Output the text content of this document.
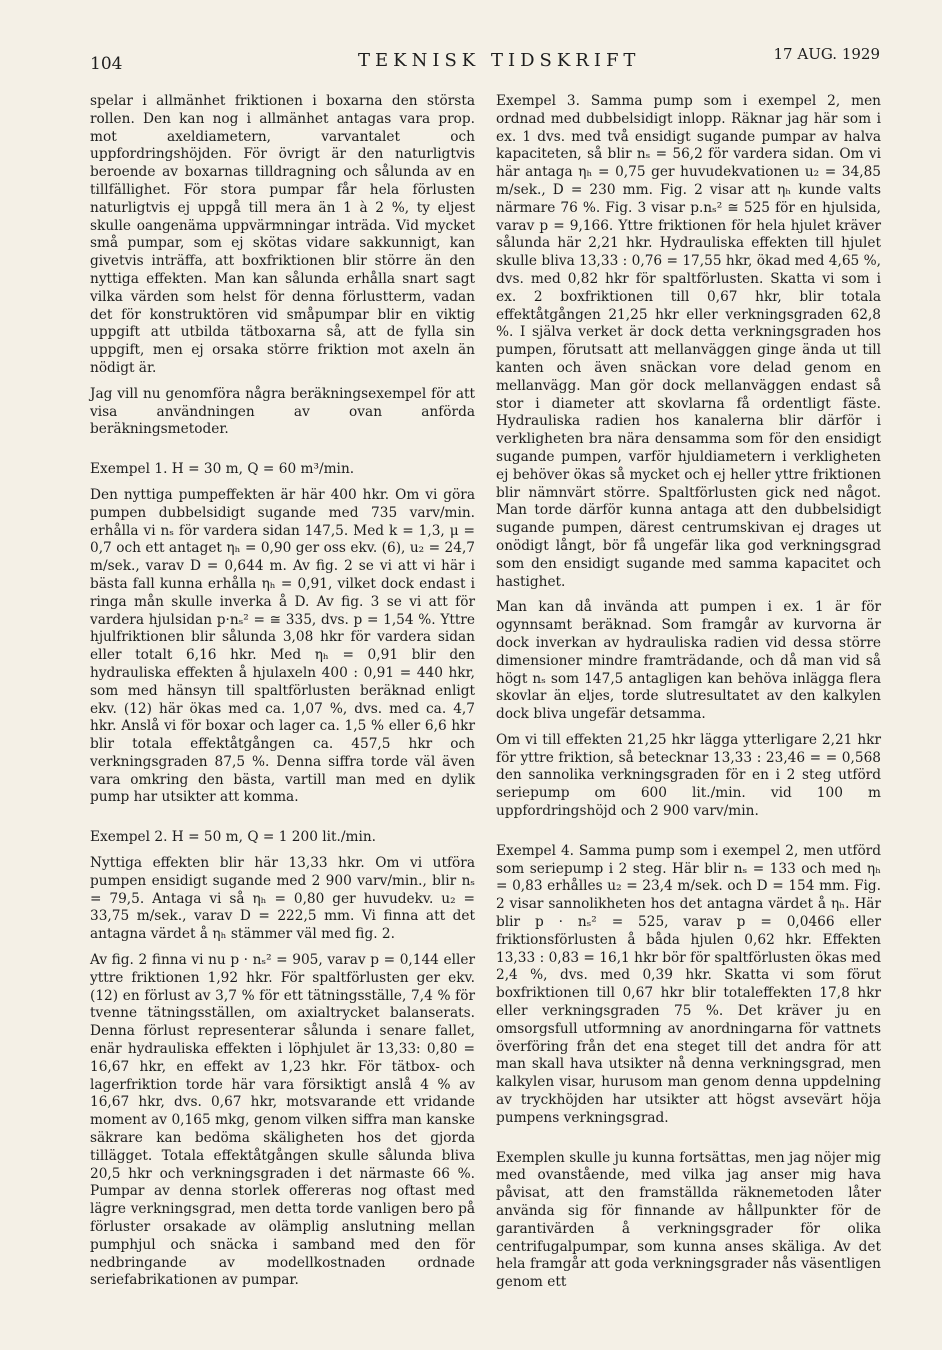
104	TEKNISK TIDSKRIFT	17 AUG. 1929

spelar i allmänhet friktionen i boxarna den största rollen. Den kan nog i allmänhet antagas vara prop. mot axeldiametern, varvantalet och uppfordringshöjden. För övrigt är den naturligtvis beroende av boxarnas tilldragning och sålunda av en tillfällighet. För stora pumpar får hela förlusten naturligtvis ej uppgå till mera än 1 à 2 %, ty eljest skulle oangenäma uppvärmningar inträda. Vid mycket små pumpar, som ej skötas vidare sakkunnigt, kan givetvis inträffa, att boxfriktionen blir större än den nyttiga effekten. Man kan sålunda erhålla snart sagt vilka värden som helst för denna förlustterm, vadan det för konstruktören vid småpumpar blir en viktig uppgift att utbilda tätboxarna så, att de fylla sin uppgift, men ej orsaka större friktion mot axeln än nödigt är.

Jag vill nu genomföra några beräkningsexempel för att visa användningen av ovan anförda beräkningsmetoder.

Exempel 1. H = 30 m, Q = 60 m³/min.

Den nyttiga pumpeffekten är här 400 hkr. Om vi göra pumpen dubbelsidigt sugande med 735 varv/min. erhålla vi nₛ för vardera sidan 147,5. Med k = 1,3, μ = 0,7 och ett antaget ηₕ = 0,90 ger oss ekv. (6), u₂ = 24,7 m/sek., varav D = 0,644 m. Av fig. 2 se vi att vi här i bästa fall kunna erhålla ηₕ = 0,91, vilket dock endast i ringa mån skulle inverka å D. Av fig. 3 se vi att för vardera hjulsidan p·nₛ² = ≅ 335, dvs. p = 1,54 %. Yttre hjulfriktionen blir sålunda 3,08 hkr för vardera sidan eller totalt 6,16 hkr. Med ηₕ = 0,91 blir den hydrauliska effekten å hjulaxeln 400 : 0,91 = 440 hkr, som med hänsyn till spaltförlusten beräknad enligt ekv. (12) här ökas med ca. 1,07 %, dvs. med ca. 4,7 hkr. Anslå vi för boxar och lager ca. 1,5 % eller 6,6 hkr blir totala effektåtgången ca. 457,5 hkr och verkningsgraden 87,5 %. Denna siffra torde väl även vara omkring den bästa, vartill man med en dylik pump har utsikter att komma.

Exempel 2. H = 50 m, Q = 1 200 lit./min.

Nyttiga effekten blir här 13,33 hkr. Om vi utföra pumpen ensidigt sugande med 2 900 varv/min., blir nₛ = 79,5. Antaga vi så ηₕ = 0,80 ger huvudekv. u₂ = 33,75 m/sek., varav D = 222,5 mm. Vi finna att det antagna värdet å ηₕ stämmer väl med fig. 2.

Av fig. 2 finna vi nu p · nₛ² = 905, varav p = 0,144 eller yttre friktionen 1,92 hkr. För spaltförlusten ger ekv. (12) en förlust av 3,7 % för ett tätningsställe, 7,4 % för tvenne tätningsställen, om axialtrycket balanserats. Denna förlust representerar sålunda i senare fallet, enär hydrauliska effekten i löphjulet är 13,33: 0,80 = 16,67 hkr, en effekt av 1,23 hkr. För tätbox- och lagerfriktion torde här vara försiktigt anslå 4 % av 16,67 hkr, dvs. 0,67 hkr, motsvarande ett vridande moment av 0,165 mkg, genom vilken siffra man kanske säkrare kan bedöma skäligheten hos det gjorda tillägget. Totala effektåtgången skulle sålunda bliva 20,5 hkr och verkningsgraden i det närmaste 66 %. Pumpar av denna storlek offereras nog oftast med lägre verkningsgrad, men detta torde vanligen bero på förluster orsakade av olämplig anslutning mellan pumphjul och snäcka i samband med den för nedbringande av modellkostnaden ordnade seriefabrikationen av pumpar.

Exempel 3. Samma pump som i exempel 2, men ordnad med dubbelsidigt inlopp. Räknar jag här som i ex. 1 dvs. med två ensidigt sugande pumpar av halva kapaciteten, så blir nₛ = 56,2 för vardera sidan. Om vi här antaga ηₕ = 0,75 ger huvudekvationen u₂ = 34,85 m/sek., D = 230 mm. Fig. 2 visar att ηₕ kunde valts närmare 76 %. Fig. 3 visar p.nₛ² ≅ 525 för en hjulsida, varav p = 9,166. Yttre friktionen för hela hjulet kräver sålunda här 2,21 hkr. Hydrauliska effekten till hjulet skulle bliva 13,33 : 0,76 = 17,55 hkr, ökad med 4,65 %, dvs. med 0,82 hkr för spaltförlusten. Skatta vi som i ex. 2 boxfriktionen till 0,67 hkr, blir totala effektåtgången 21,25 hkr eller verkningsgraden 62,8 %. I själva verket är dock detta verkningsgraden hos pumpen, förutsatt att mellanväggen ginge ända ut till kanten och även snäckan vore delad genom en mellanvägg. Man gör dock mellanväggen endast så stor i diameter att skovlarna få ordentligt fäste. Hydrauliska radien hos kanalerna blir därför i verkligheten bra nära densamma som för den ensidigt sugande pumpen, varför hjuldiametern i verkligheten ej behöver ökas så mycket och ej heller yttre friktionen blir nämnvärt större. Spaltförlusten gick ned något. Man torde därför kunna antaga att den dubbelsidigt sugande pumpen, därest centrumskivan ej drages ut onödigt långt, bör få ungefär lika god verkningsgrad som den ensidigt sugande med samma kapacitet och hastighet.

Man kan då invända att pumpen i ex. 1 är för ogynnsamt beräknad. Som framgår av kurvorna är dock inverkan av hydrauliska radien vid dessa större dimensioner mindre framträdande, och då man vid så högt nₛ som 147,5 antagligen kan behöva inlägga flera skovlar än eljes, torde slutresultatet av den kalkylen dock bliva ungefär detsamma.

Om vi till effekten 21,25 hkr lägga ytterligare 2,21 hkr för yttre friktion, så betecknar 13,33 : 23,46 = = 0,568 den sannolika verkningsgraden för en i 2 steg utförd seriepump om 600 lit./min. vid 100 m uppfordringshöjd och 2 900 varv/min.

Exempel 4. Samma pump som i exempel 2, men utförd som seriepump i 2 steg. Här blir nₛ = 133 och med ηₕ = 0,83 erhålles u₂ = 23,4 m/sek. och D = 154 mm. Fig. 2 visar sannolikheten hos det antagna värdet å ηₕ. Här blir p · nₛ² = 525, varav p = 0,0466 eller friktionsförlusten å båda hjulen 0,62 hkr. Effekten 13,33 : 0,83 = 16,1 hkr bör för spaltförlusten ökas med 2,4 %, dvs. med 0,39 hkr. Skatta vi som förut boxfriktionen till 0,67 hkr blir totaleffekten 17,8 hkr eller verkningsgraden 75 %. Det kräver ju en omsorgsfull utformning av anordningarna för vattnets överföring från det ena steget till det andra för att man skall hava utsikter nå denna verkningsgrad, men kalkylen visar, hurusom man genom denna uppdelning av tryckhöjden har utsikter att högst avsevärt höja pumpens verkningsgrad.

Exemplen skulle ju kunna fortsättas, men jag nöjer mig med ovanstående, med vilka jag anser mig hava påvisat, att den framställda räknemetoden låter använda sig för finnande av hållpunkter för de garantivärden å verkningsgrader för olika centrifugalpumpar, som kunna anses skäliga. Av det hela framgår att goda verkningsgrader nås väsentligen genom ett
